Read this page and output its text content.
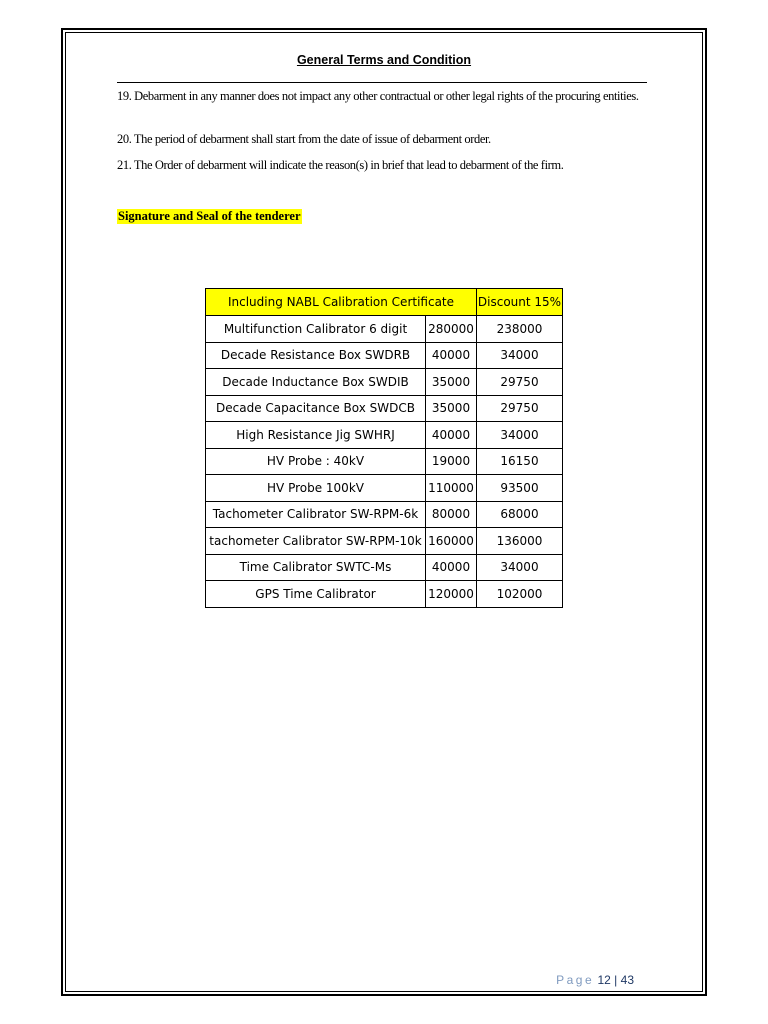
General Terms and Condition
19. Debarment in any manner does not impact any other contractual or other legal rights of the procuring entities.
20. The period of debarment shall start from the date of issue of debarment order.
21. The Order of debarment will indicate the reason(s) in brief that lead to debarment of the firm.
Signature and Seal of the tenderer
Including NABL Calibration Certificate		Discount 15%
Multifunction Calibrator 6 digit	280000	238000
Decade Resistance Box SWDRB	40000	34000
Decade Inductance Box SWDIB	35000	29750
Decade Capacitance Box SWDCB	35000	29750
High Resistance Jig SWHRJ	40000	34000
HV Probe : 40kV	19000	16150
HV Probe 100kV	110000	93500
Tachometer Calibrator SW-RPM-6k	80000	68000
tachometer Calibrator SW-RPM-10k	160000	136000
Time Calibrator SWTC-Ms	40000	34000
GPS Time Calibrator	120000	102000
Page 12 | 43
